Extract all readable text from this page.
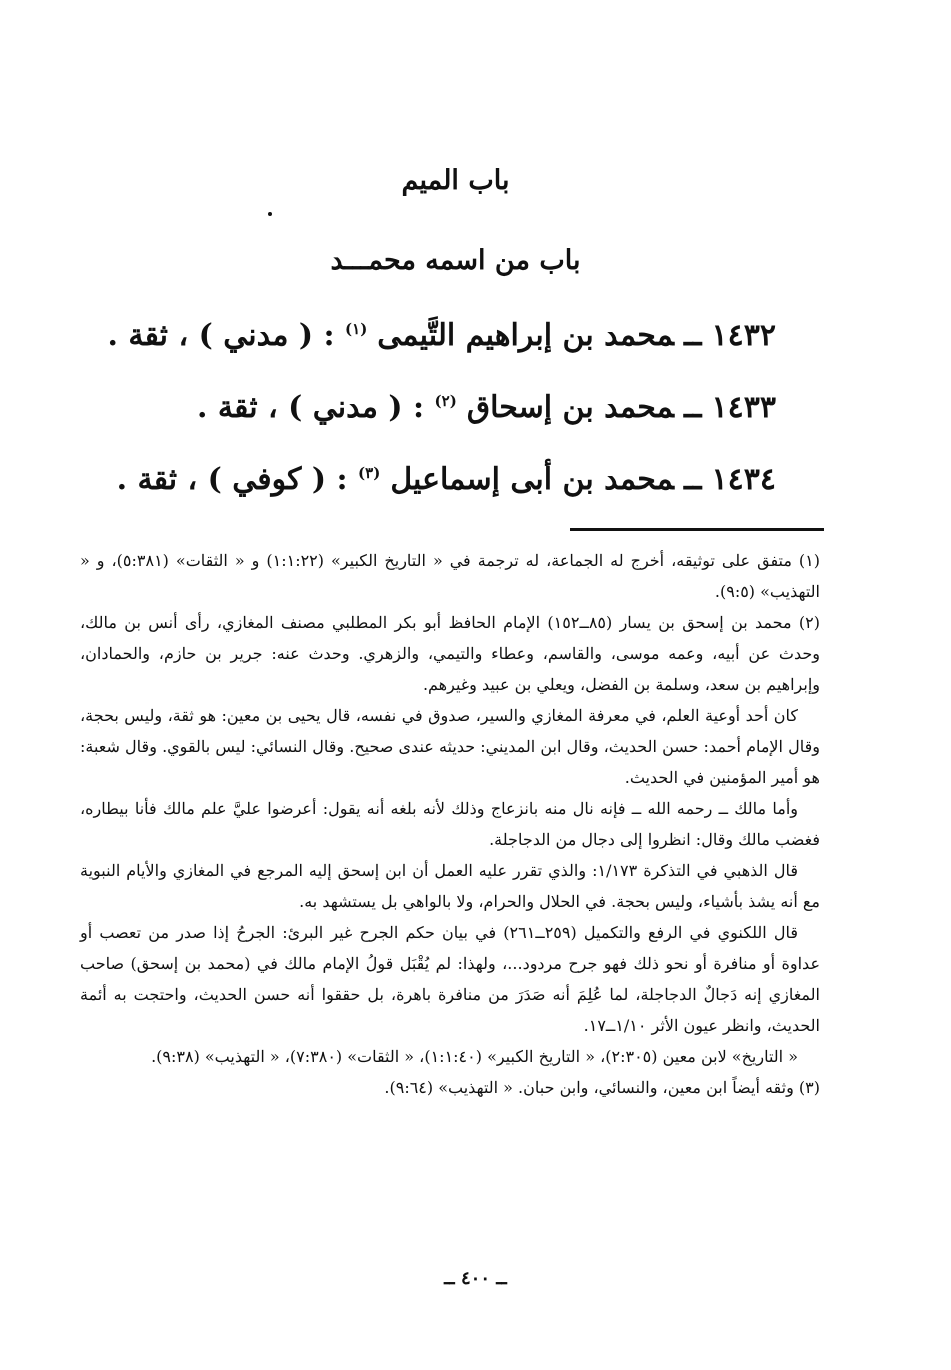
باب الميم
باب من اسمه محمـــد
١٤٣٢ــمحمد بن إبراهيم التَّيمى$^{(١)}$ : ( مدني ) ، ثقة .
١٤٣٣ــمحمد بن إسحاق$^{(٢)}$ : ( مدني ) ، ثقة .
١٤٣٤ــمحمد بن أبى إسماعيل$^{(٣)}$ : ( كوفي ) ، ثقة .

(١) متفق على توثيقه، أخرج له الجماعة، له ترجمة في « التاريخ الكبير» (١:١:٢٢) و « الثقات» (٥:٣٨١)، و « التهذيب» (٩:٥).

(٢) محمد بن إسحق بن يسار (٨٥ــ١٥٢) الإمام الحافظ أبو بكر المطلبي مصنف المغازي، رأى أنس بن مالك، وحدث عن أبيه، وعمه موسى، والقاسم، وعطاء والتيمي، والزهري. وحدث عنه: جرير بن حازم، والحمادان، وإبراهيم بن سعد، وسلمة بن الفضل، ويعلي بن عبيد وغيرهم.

كان أحد أوعية العلم، في معرفة المغازي والسير، صدوق في نفسه، قال يحيى بن معين: هو ثقة، وليس بحجة، وقال الإمام أحمد: حسن الحديث، وقال ابن المديني: حديثه عندى صحيح. وقال النسائي: ليس بالقوي. وقال شعبة: هو أمير المؤمنين في الحديث.

وأما مالك ــ رحمه الله ــ فإنه نال منه بانزعاج وذلك لأنه بلغه أنه يقول: أعرضوا عليَّ علم مالك فأنا بيطاره، فغضب مالك وقال: انظروا إلى دجال من الدجاجلة.

قال الذهبي في التذكرة ١/١٧٣: والذي تقرر عليه العمل أن ابن إسحق إليه المرجع في المغازي والأيام النبوية مع أنه يشذ بأشياء، وليس بحجة. في الحلال والحرام، ولا بالواهي بل يستشهد به.

قال اللكنوي في الرفع والتكميل (٢٥٩ــ٢٦١) في بيان حكم الجرح غير البرئ: الجرحُ إذا صدر من تعصب أو عداوة أو منافرة أو نحو ذلك فهو جرح مردود...، ولهذا: لم يُقْبَل قولُ الإمام مالك في (محمد بن إسحق) صاحب المغازي إنه دَجالٌ الدجاجلة، لما عُلِمَ أنه صَدَرَ من منافرة باهرة، بل حققوا أنه حسن الحديث، واحتجت به أئمة الحديث، وانظر عيون الأثر ١/١٠ــ١٧.

« التاريخ» لابن معين (٢:٣٠٥)، « التاريخ الكبير» (١:١:٤٠)، « الثقات» (٧:٣٨٠)، « التهذيب» (٩:٣٨).

(٣) وثقه أيضاً ابن معين، والنسائي، وابن حبان. « التهذيب» (٩:٦٤).

ــ ٤٠٠ ــ
